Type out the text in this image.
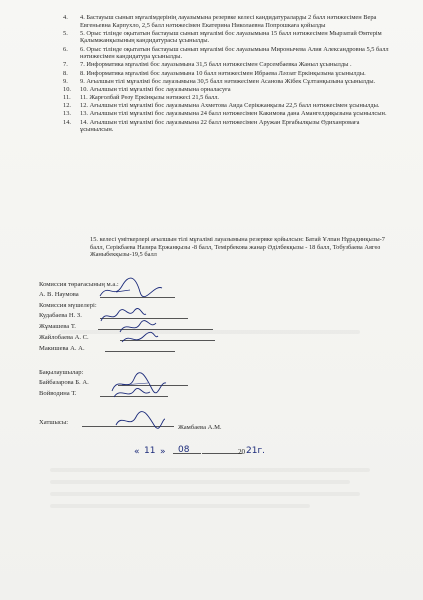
4.	4. Бастауыш сынып мұғалімдерінің лауазымына резервке келесі кандидатураларды 2 балл нәтижесімен Вера Евгеньевна Карпухло, 2,5 балл нәтижесімен Екатерина Николаевна Попрошкаға қойылды
5.	5. Орыс тілінде оқытатын бастауыш сынып мұғалімі бос лауазымына 15 балл нәтижесімен Мырзатай Өмтерім Қалымжанқызының кандидатурасы ұсынылды.
6.	6. Орыс тілінде оқытатын бастауыш сынып мұғалімі бос лауазымына Миронычева Алия Александровна 5,5 балл нәтижесімен кандидатура ұсынылды.
7.	7. Информатика мұғалімі бос лауазымына 31,5 балл нәтижесімен Сәрсембаевка Жаныл ұсынылды .
8.	8. Информатика мұғалімі бос лауазымына 10 балл нәтижесімен Ибраева Ләззат Еркінқызына ұсынылды.
9.	9. Ағылшын тілі мұғалімі бос лауазымына 30,5 балл нәтижесімен Асанова Жібек Сұлтанқызына ұсынылды.
10.	10. Ағылшын тілі мұғалімі бос лауазымына орналасуға
11.	11. Жарғолбай Рөзу Еркінқызы нәтижесі 21,5 балл.
12.	12. Ағылшын тілі мұғалімі бос лауазымына Ахметова Аида Серікжанқызы 22,5 балл нәтижесімен ұсынылды.
13.	13. Ағылшын тілі мұғалімі бос лауазымына 24 балл нәтижесімен Какимова дана Амангелдиқызына ұсынылсын.
14.	14. Ағылшын тілі мұғалімі бос лауазымына 22 балл нәтижесімен Аружан Ерғабылқызы Өдиханроваға ұсынылсын.
15. келесі үміткерлері ағылшын тілі мұғалімі лауазымына резервке қойылсын: Батай Ұлпан Нұрадинқызы-7 балл, Серікбаева Назира Ержанқызы -8 балл, Темірбекова жанар Әділбекқызы - 18 балл, Тобузбаева Аягөз Жаныбекқызы-19,5 балл
Комиссия төрағасының м.а.:
А. В. Наумова
Комиссия мүшелері:
Кудабаева Н. З.
Жұмашева Т.
Жайлобаева А. С.
Макишева А. А.
Бақылаушылар:
Байбазарова Б. А.
Войводина Т.
Хатшысы:
Жамбаева А.М.
11 » 08	20 21г.
«
